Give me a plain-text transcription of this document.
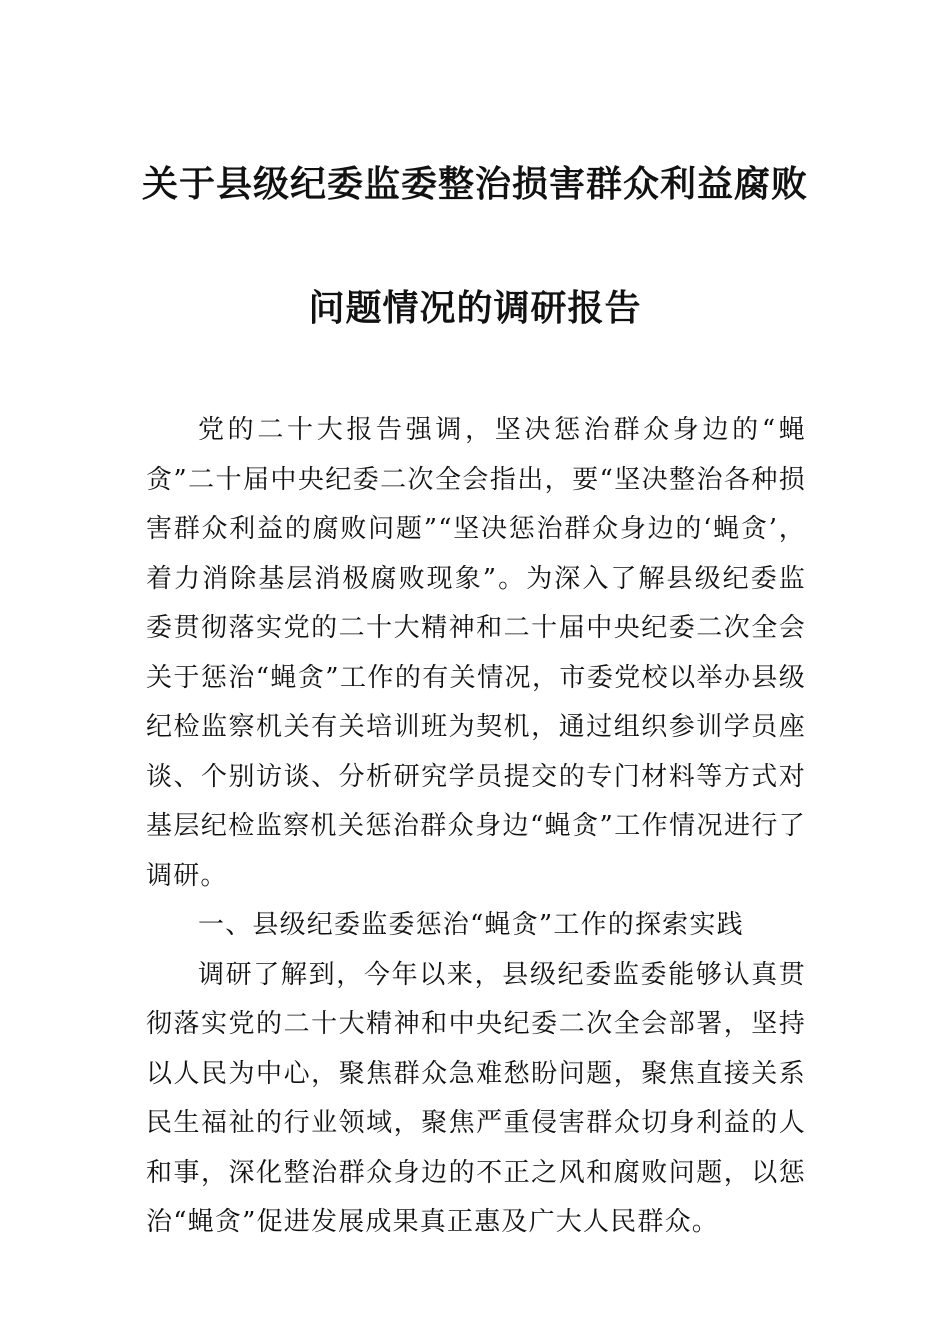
关于县级纪委监委整治损害群众利益腐败
问题情况的调研报告

党的二十大报告强调，坚决惩治群众身边的“蝇贪”二十届中央纪委二次全会指出，要“坚决整治各种损害群众利益的腐败问题”“坚决惩治群众身边的‘蝇贪’，着力消除基层消极腐败现象”。为深入了解县级纪委监委贯彻落实党的二十大精神和二十届中央纪委二次全会关于惩治“蝇贪”工作的有关情况，市委党校以举办县级纪检监察机关有关培训班为契机，通过组织参训学员座谈、个别访谈、分析研究学员提交的专门材料等方式对基层纪检监察机关惩治群众身边“蝇贪”工作情况进行了调研。

一、县级纪委监委惩治“蝇贪”工作的探索实践

调研了解到，今年以来，县级纪委监委能够认真贯彻落实党的二十大精神和中央纪委二次全会部署，坚持以人民为中心，聚焦群众急难愁盼问题，聚焦直接关系民生福祉的行业领域，聚焦严重侵害群众切身利益的人和事，深化整治群众身边的不正之风和腐败问题，以惩治“蝇贪”促进发展成果真正惠及广大人民群众。
